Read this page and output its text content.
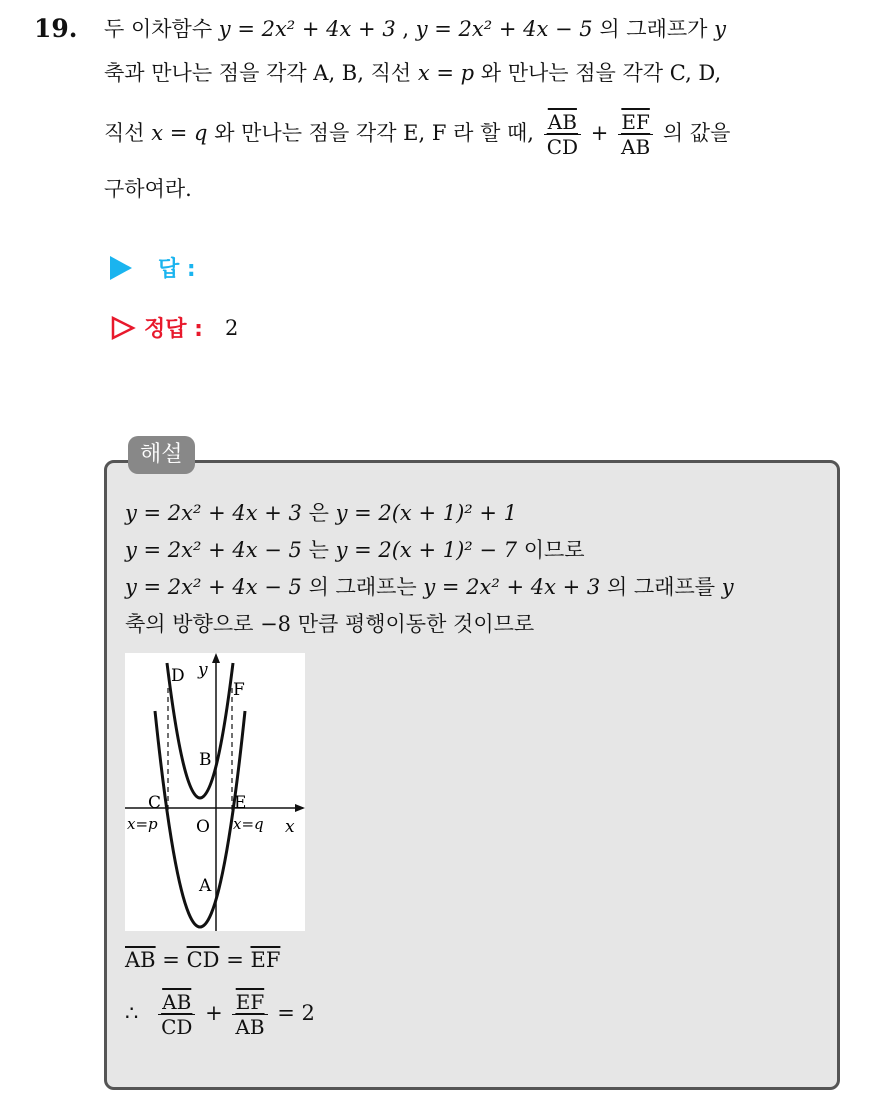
19. 두 이차함수 y = 2x² + 4x + 3 , y = 2x² + 4x − 5 의 그래프가 y
축과 만나는 점을 각각 A, B, 직선 x = p 와 만나는 점을 각각 C, D,
직선 x = q 와 만나는 점을 각각 E, F 라 할 때, $\frac{\overline{AB}}{CD} + \frac{\overline{EF}}{AB}$ 의 값을
구하여라.
답 :
정답 : 2
해설
y = 2x² + 4x + 3 은 y = 2(x + 1)² + 1
y = 2x² + 4x − 5 는 y = 2(x + 1)² − 7 이므로
y = 2x² + 4x − 5 의 그래프는 y = 2x² + 4x + 3 의 그래프를 y
축의 방향으로 −8 만큼 평행이동한 것이므로
D y
F
B
C	E
x=p O x=q x
A
$\overline{AB} = \overline{CD} = \overline{EF}$
∴ $\frac{\overline{AB}}{CD} + \frac{\overline{EF}}{AB} = 2$
